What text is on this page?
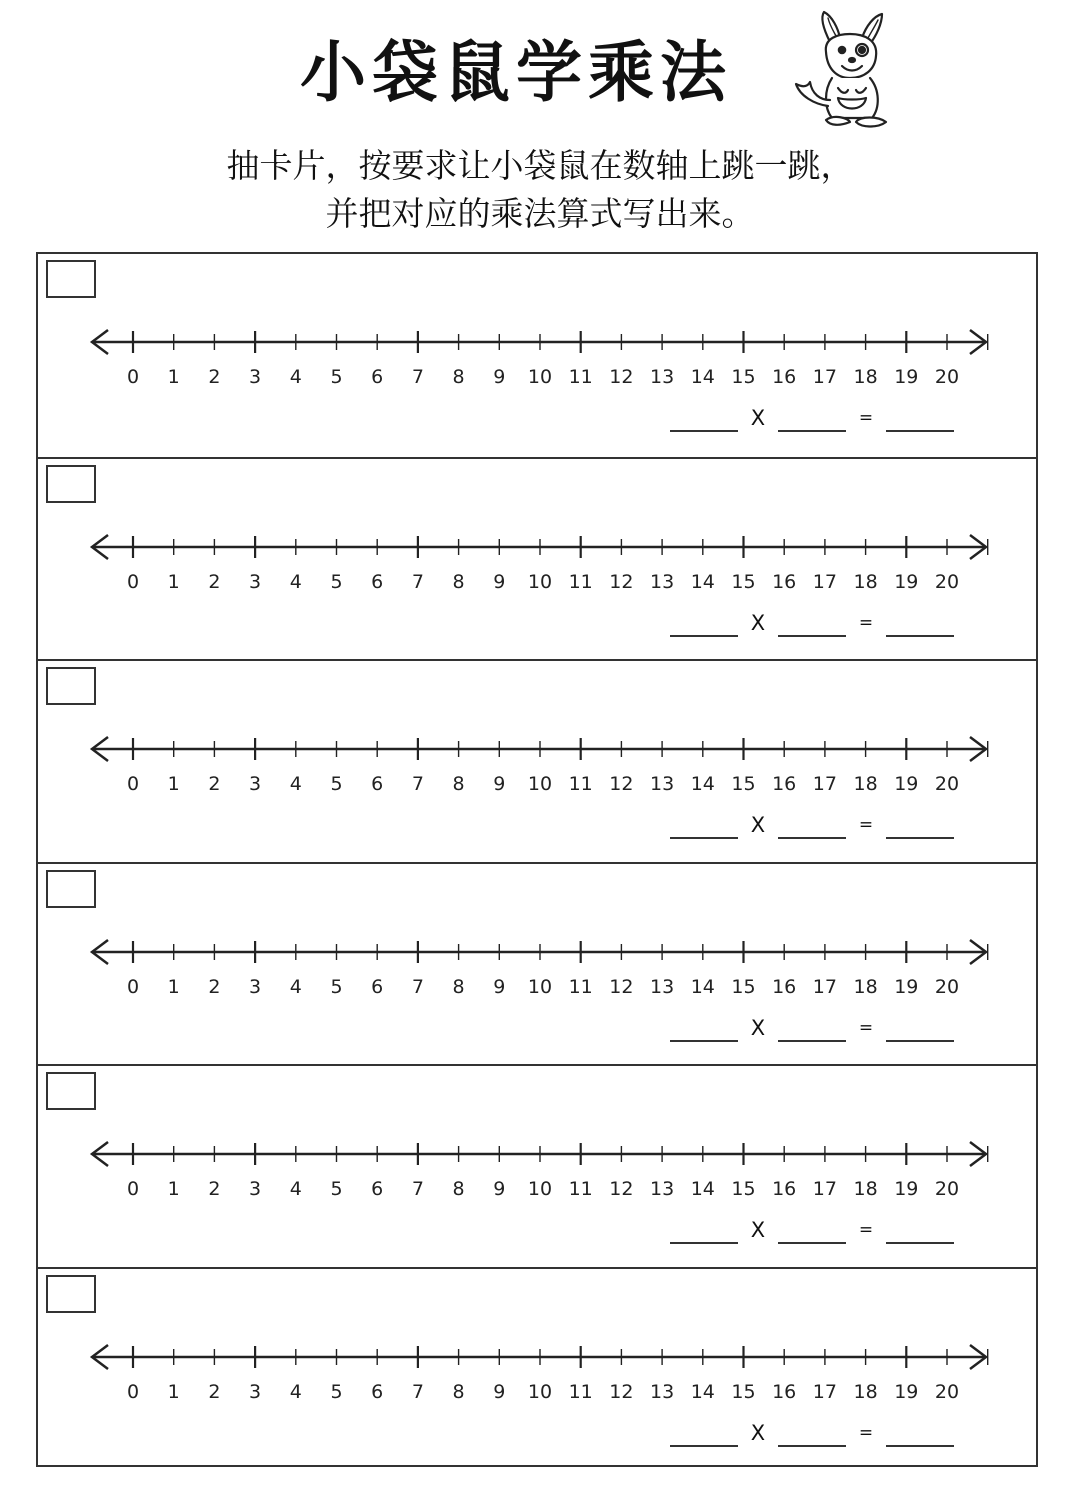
小袋鼠学乘法
抽卡片，按要求让小袋鼠在数轴上跳一跳，
并把对应的乘法算式写出来。
0 1 2 3 4 5 6 7 8 9 10 11 12 13 14 15 16 17 18 19 20
X	=
0 1 2 3 4 5 6 7 8 9 10 11 12 13 14 15 16 17 18 19 20
X	=
0 1 2 3 4 5 6 7 8 9 10 11 12 13 14 15 16 17 18 19 20
X	=
0 1 2 3 4 5 6 7 8 9 10 11 12 13 14 15 16 17 18 19 20
X	=
0 1 2 3 4 5 6 7 8 9 10 11 12 13 14 15 16 17 18 19 20
X	=
0 1 2 3 4 5 6 7 8 9 10 11 12 13 14 15 16 17 18 19 20
X	=
